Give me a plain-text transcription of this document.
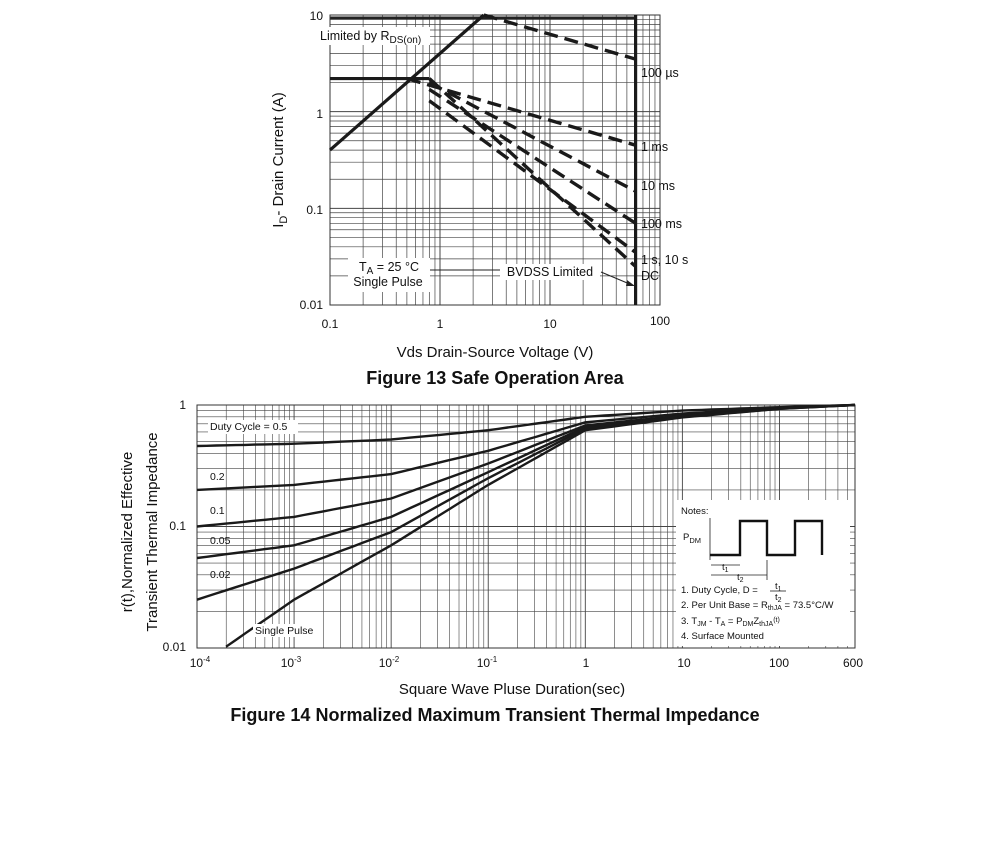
10
1
0.1
0.01
0.1	1	10	100
Vds Drain-Source Voltage (V)
$I_D-$ Drain Current (A)
Limited by $R_{DS(on)}$
$T_A = 25$ °C
Single Pulse
BVDSS Limited
100 µs
1 ms
10 ms
100 ms
1 s, 10 s
DC
Figure 13 Safe Operation Area
1
0.1
0.01
$10^{-4}$	$10^{-3}$	$10^{-2}$	$10^{-1}$	1	10	100	600
Square Wave Pluse Duration(sec)
r(t),Normalized Effective Transient Thermal Impedance
Duty Cycle = 0.5
0.2
0.1
0.05
0.02
Single Pulse
Notes:
$P_{DM}$
$t_1$
$t_2$
1. Duty Cycle, $D = t_1$
$t_2$
2. Per Unit Base = $R_{thJA} = 73.5^\circ C/W$
3. $T_{JM} - T_A = P_{DM}Z_{thJA}^{(t)}$
4. Surface Mounted
Figure 14 Normalized Maximum Transient Thermal Impedance
